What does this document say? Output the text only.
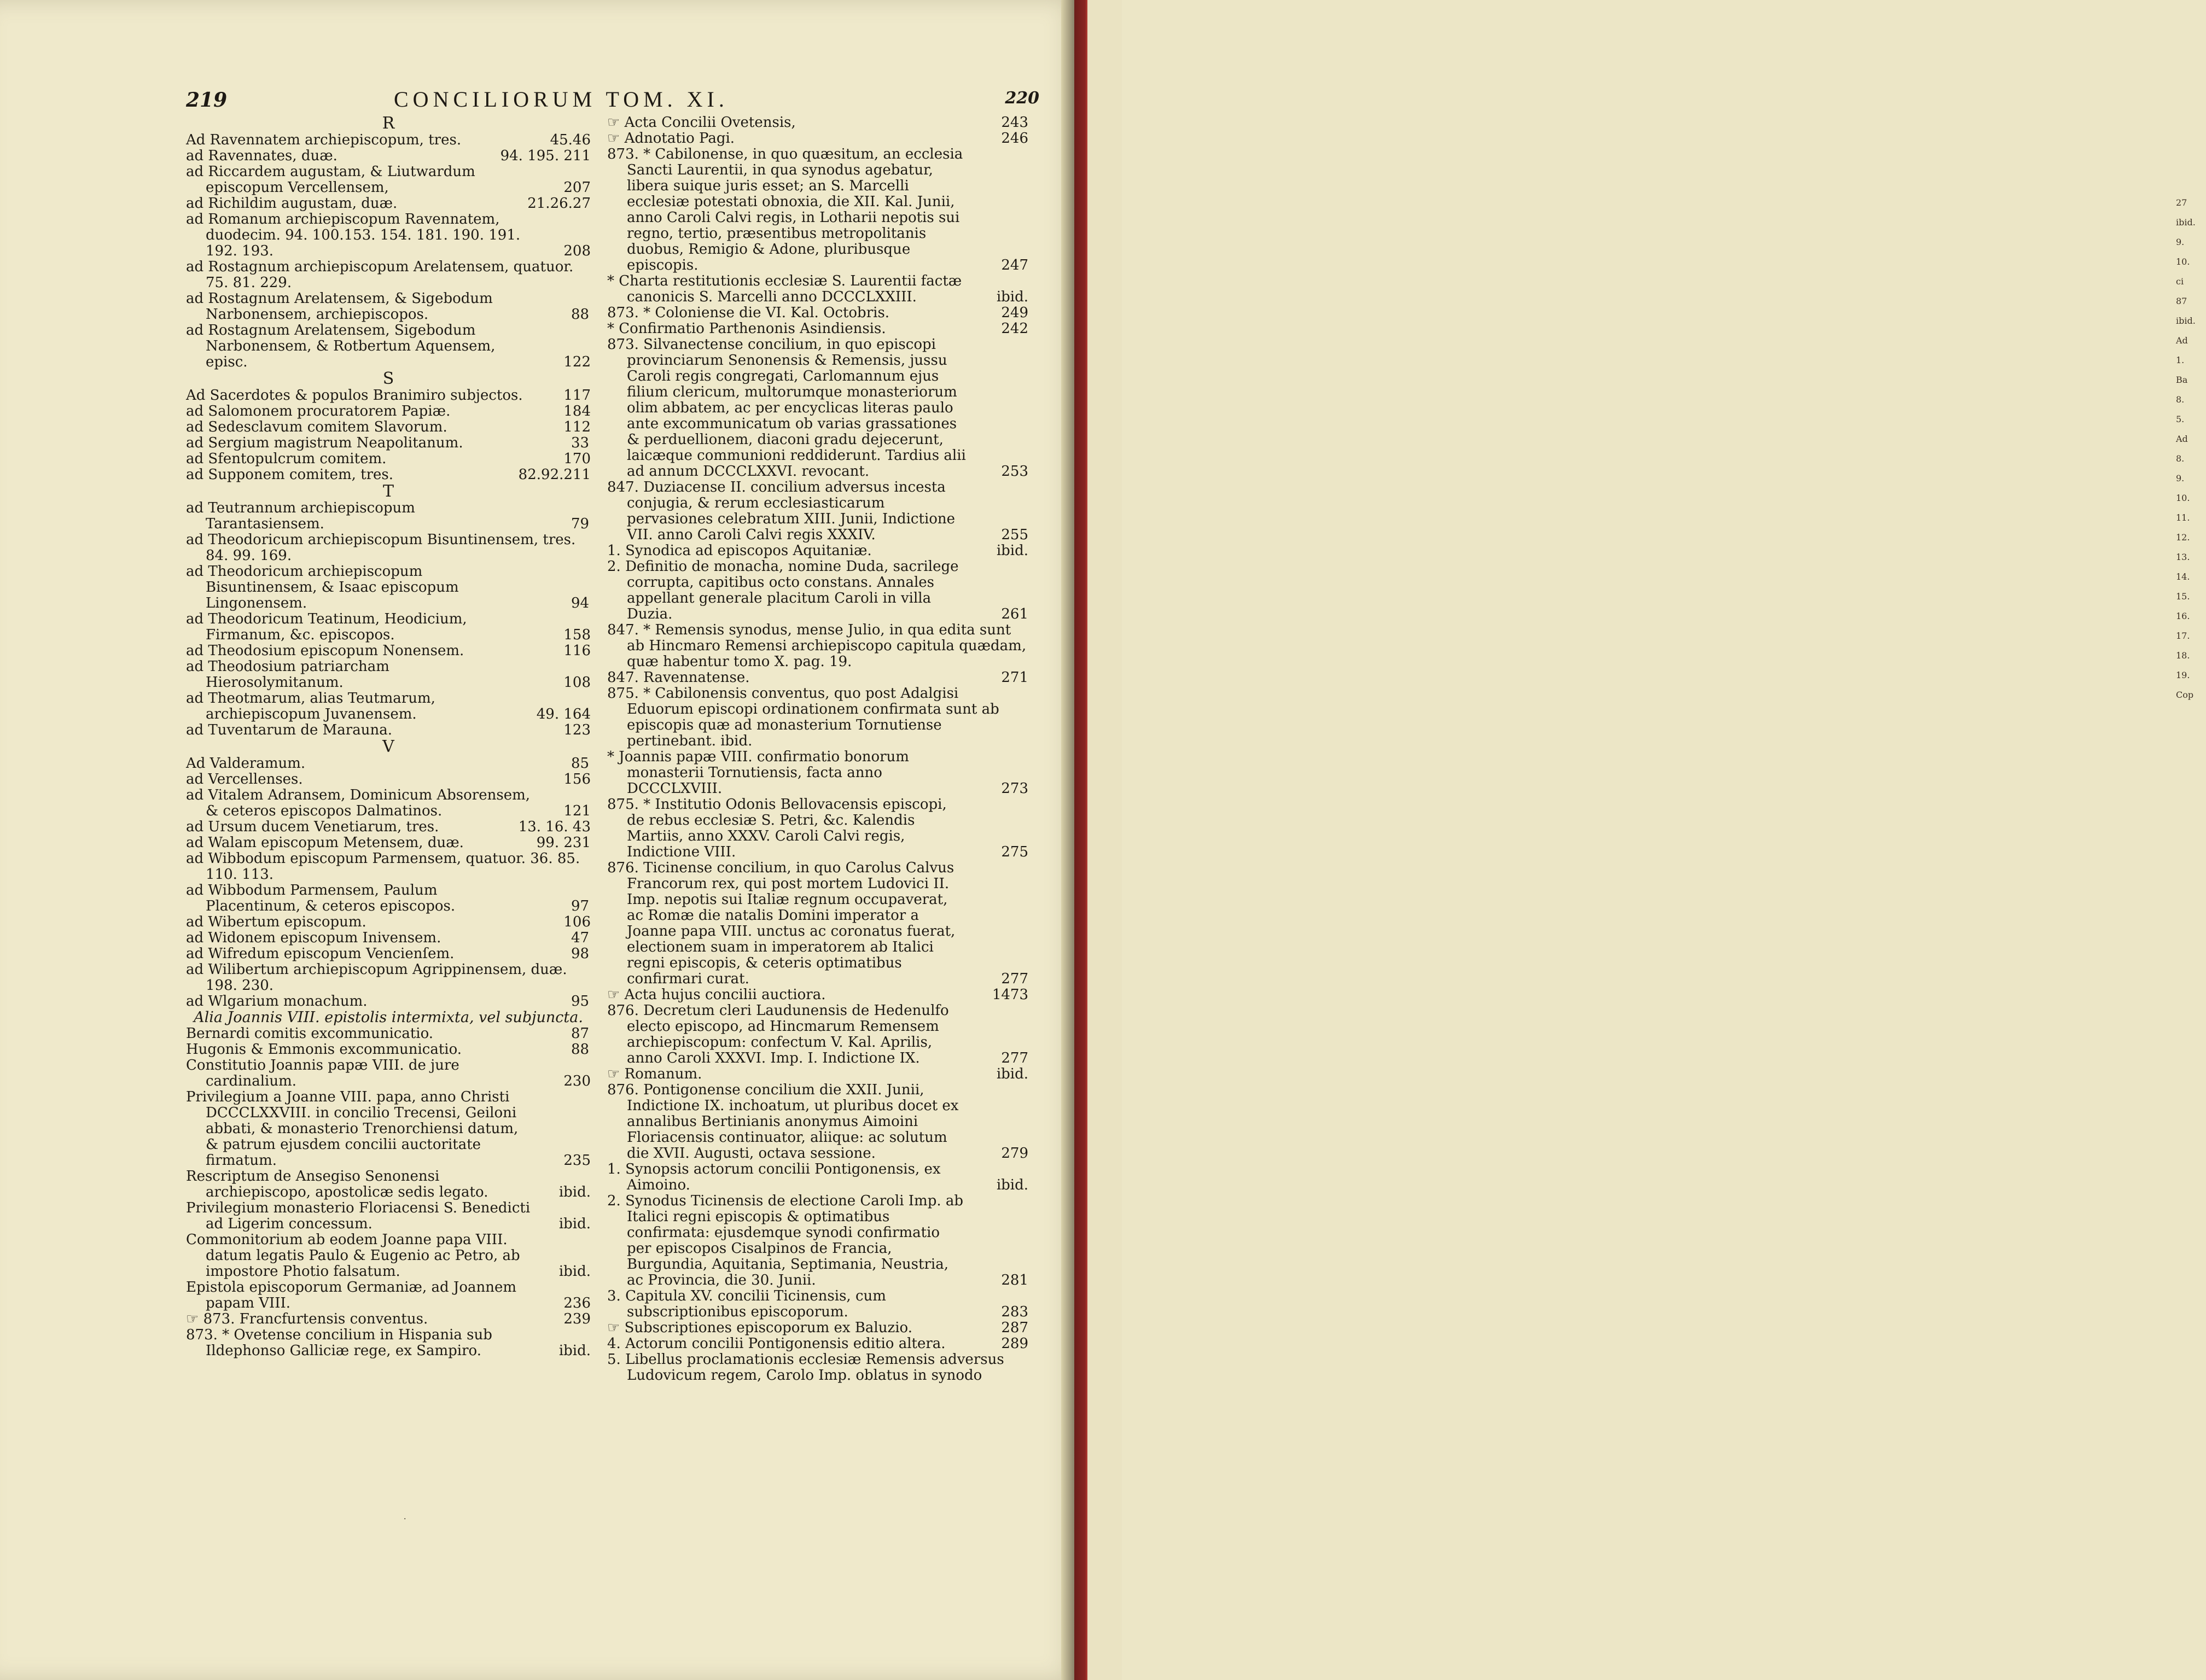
27
ibid.
9.
10.
ci
87
ibid.
Ad
1.
Ba
8.
5.
Ad
8.
9.
10.
11.
12.
13.
14.
15.
16.
17.
18.
19.
Cop
219	CONCILIORUM TOM. XI.	220
R
Ad Ravennatem archiepiscopum, tres.	45.46
ad Ravennates, duæ.	94. 195. 211
ad Riccardem augustam, & Liutwardum episcopum Vercellensem,	207
ad Richildim augustam, duæ.	21.26.27
ad Romanum archiepiscopum Ravennatem, duodecim. 94. 100.153. 154. 181. 190. 191. 192. 193.	208
ad Rostagnum archiepiscopum Arelatensem, quatuor. 75. 81. 229.
ad Rostagnum Arelatensem, & Sigebodum Narbonensem, archiepiscopos.	88
ad Rostagnum Arelatensem, Sigebodum Narbonensem, & Rotbertum Aquensem, episc.	122
S
Ad Sacerdotes & populos Branimiro subjectos.	117
ad Salomonem procuratorem Papiæ.	184
ad Sedesclavum comitem Slavorum.	112
ad Sergium magistrum Neapolitanum.	33
ad Sfentopulcrum comitem.	170
ad Supponem comitem, tres.	82.92.211
T
ad Teutrannum archiepiscopum Tarantasiensem.	79
ad Theodoricum archiepiscopum Bisuntinensem, tres. 84. 99. 169.
ad Theodoricum archiepiscopum Bisuntinensem, & Isaac episcopum Lingonensem.	94
ad Theodoricum Teatinum, Heodicium, Firmanum, &c. episcopos.	158
ad Theodosium episcopum Nonensem.	116
ad Theodosium patriarcham Hierosolymitanum.	108
ad Theotmarum, alias Teutmarum, archiepiscopum Juvanensem.	49. 164
ad Tuventarum de Marauna.	123
V
Ad Valderamum.	85
ad Vercellenses.	156
ad Vitalem Adransem, Dominicum Absorensem, & ceteros episcopos Dalmatinos.	121
ad Ursum ducem Venetiarum, tres.	13. 16. 43
ad Walam episcopum Metensem, duæ.	99. 231
ad Wibbodum episcopum Parmensem, quatuor. 36. 85. 110. 113.
ad Wibbodum Parmensem, Paulum Placentinum, & ceteros episcopos.	97
ad Wibertum episcopum.	106
ad Widonem episcopum Inivensem.	47
ad Wifredum episcopum Vencienſem.	98
ad Wilibertum archiepiscopum Agrippinensem, duæ. 198. 230.
ad Wlgarium monachum.	95
Alia Joannis VIII. epistolis intermixta, vel subjuncta.
Bernardi comitis excommunicatio.	87
Hugonis & Emmonis excommunicatio.	88
Constitutio Joannis papæ VIII. de jure cardinalium.	230
Privilegium a Joanne VIII. papa, anno Christi DCCCLXXVIII. in concilio Trecensi, Geiloni abbati, & monasterio Trenorchiensi datum, & patrum ejusdem concilii auctoritate firmatum.	235
Rescriptum de Ansegiso Senonensi archiepiscopo, apostolicæ sedis legato.	ibid.
Privilegium monasterio Floriacensi S. Benedicti ad Ligerim concessum.	ibid.
Commonitorium ab eodem Joanne papa VIII. datum legatis Paulo & Eugenio ac Petro, ab impostore Photio falsatum.	ibid.
Epistola episcoporum Germaniæ, ad Joannem papam VIII.	236
☞ 873. Francfurtensis conventus.	239
873. * Ovetense concilium in Hispania sub Ildephonso Galliciæ rege, ex Sampiro.	ibid.
☞ Acta Concilii Ovetensis,	243
☞ Adnotatio Pagi.	246
873. * Cabilonense, in quo quæsitum, an ecclesia Sancti Laurentii, in qua synodus agebatur, libera suique juris esset; an S. Marcelli ecclesiæ potestati obnoxia, die XII. Kal. Junii, anno Caroli Calvi regis, in Lotharii nepotis sui regno, tertio, præsentibus metropolitanis duobus, Remigio & Adone, pluribusque episcopis.	247
* Charta restitutionis ecclesiæ S. Laurentii factæ canonicis S. Marcelli anno DCCCLXXIII.	ibid.
873. * Coloniense die VI. Kal. Octobris.	249
* Confirmatio Parthenonis Asindiensis.	242
873. Silvanectense concilium, in quo episcopi provinciarum Senonensis & Remensis, jussu Caroli regis congregati, Carlomannum ejus filium clericum, multorumque monasteriorum olim abbatem, ac per encyclicas literas paulo ante excommunicatum ob varias grassationes & perduellionem, diaconi gradu dejecerunt, laicæque communioni reddiderunt. Tardius alii ad annum DCCCLXXVI. revocant.	253
847. Duziacense II. concilium adversus incesta conjugia, & rerum ecclesiasticarum pervasiones celebratum XIII. Junii, Indictione VII. anno Caroli Calvi regis XXXIV.	255
1. Synodica ad episcopos Aquitaniæ.	ibid.
2. Definitio de monacha, nomine Duda, sacrilege corrupta, capitibus octo constans. Annales appellant generale placitum Caroli in villa Duzia.	261
847. * Remensis synodus, mense Julio, in qua edita sunt ab Hincmaro Remensi archiepiscopo capitula quædam, quæ habentur tomo X. pag. 19.
847. Ravennatense.	271
875. * Cabilonensis conventus, quo post Adalgisi Eduorum episcopi ordinationem confirmata sunt ab episcopis quæ ad monasterium Tornutiense pertinebant. ibid.
* Joannis papæ VIII. confirmatio bonorum monasterii Tornutiensis, facta anno DCCCLXVIII.	273
875. * Institutio Odonis Bellovacensis episcopi, de rebus ecclesiæ S. Petri, &c. Kalendis Martiis, anno XXXV. Caroli Calvi regis, Indictione VIII.	275
876. Ticinense concilium, in quo Carolus Calvus Francorum rex, qui post mortem Ludovici II. Imp. nepotis sui Italiæ regnum occupaverat, ac Romæ die natalis Domini imperator a Joanne papa VIII. unctus ac coronatus fuerat, electionem suam in imperatorem ab Italici regni episcopis, & ceteris optimatibus confirmari curat.	277
☞ Acta hujus concilii auctiora.	1473
876. Decretum cleri Laudunensis de Hedenulfo electo episcopo, ad Hincmarum Remensem archiepiscopum: confectum V. Kal. Aprilis, anno Caroli XXXVI. Imp. I. Indictione IX.	277
☞ Romanum.	ibid.
876. Pontigonense concilium die XXII. Junii, Indictione IX. inchoatum, ut pluribus docet ex annalibus Bertinianis anonymus Aimoini Floriacensis continuator, aliique: ac solutum die XVII. Augusti, octava sessione.	279
1. Synopsis actorum concilii Pontigonensis, ex Aimoino.	ibid.
2. Synodus Ticinensis de electione Caroli Imp. ab Italici regni episcopis & optimatibus confirmata: ejusdemque synodi confirmatio per episcopos Cisalpinos de Francia, Burgundia, Aquitania, Septimania, Neustria, ac Provincia, die 30. Junii.	281
3. Capitula XV. concilii Ticinensis, cum subscriptionibus episcoporum.	283
☞ Subscriptiones episcoporum ex Baluzio.	287
4. Actorum concilii Pontigonensis editio altera.	289
5. Libellus proclamationis ecclesiæ Remensis adversus Ludovicum regem, Carolo Imp. oblatus in synodo
.
